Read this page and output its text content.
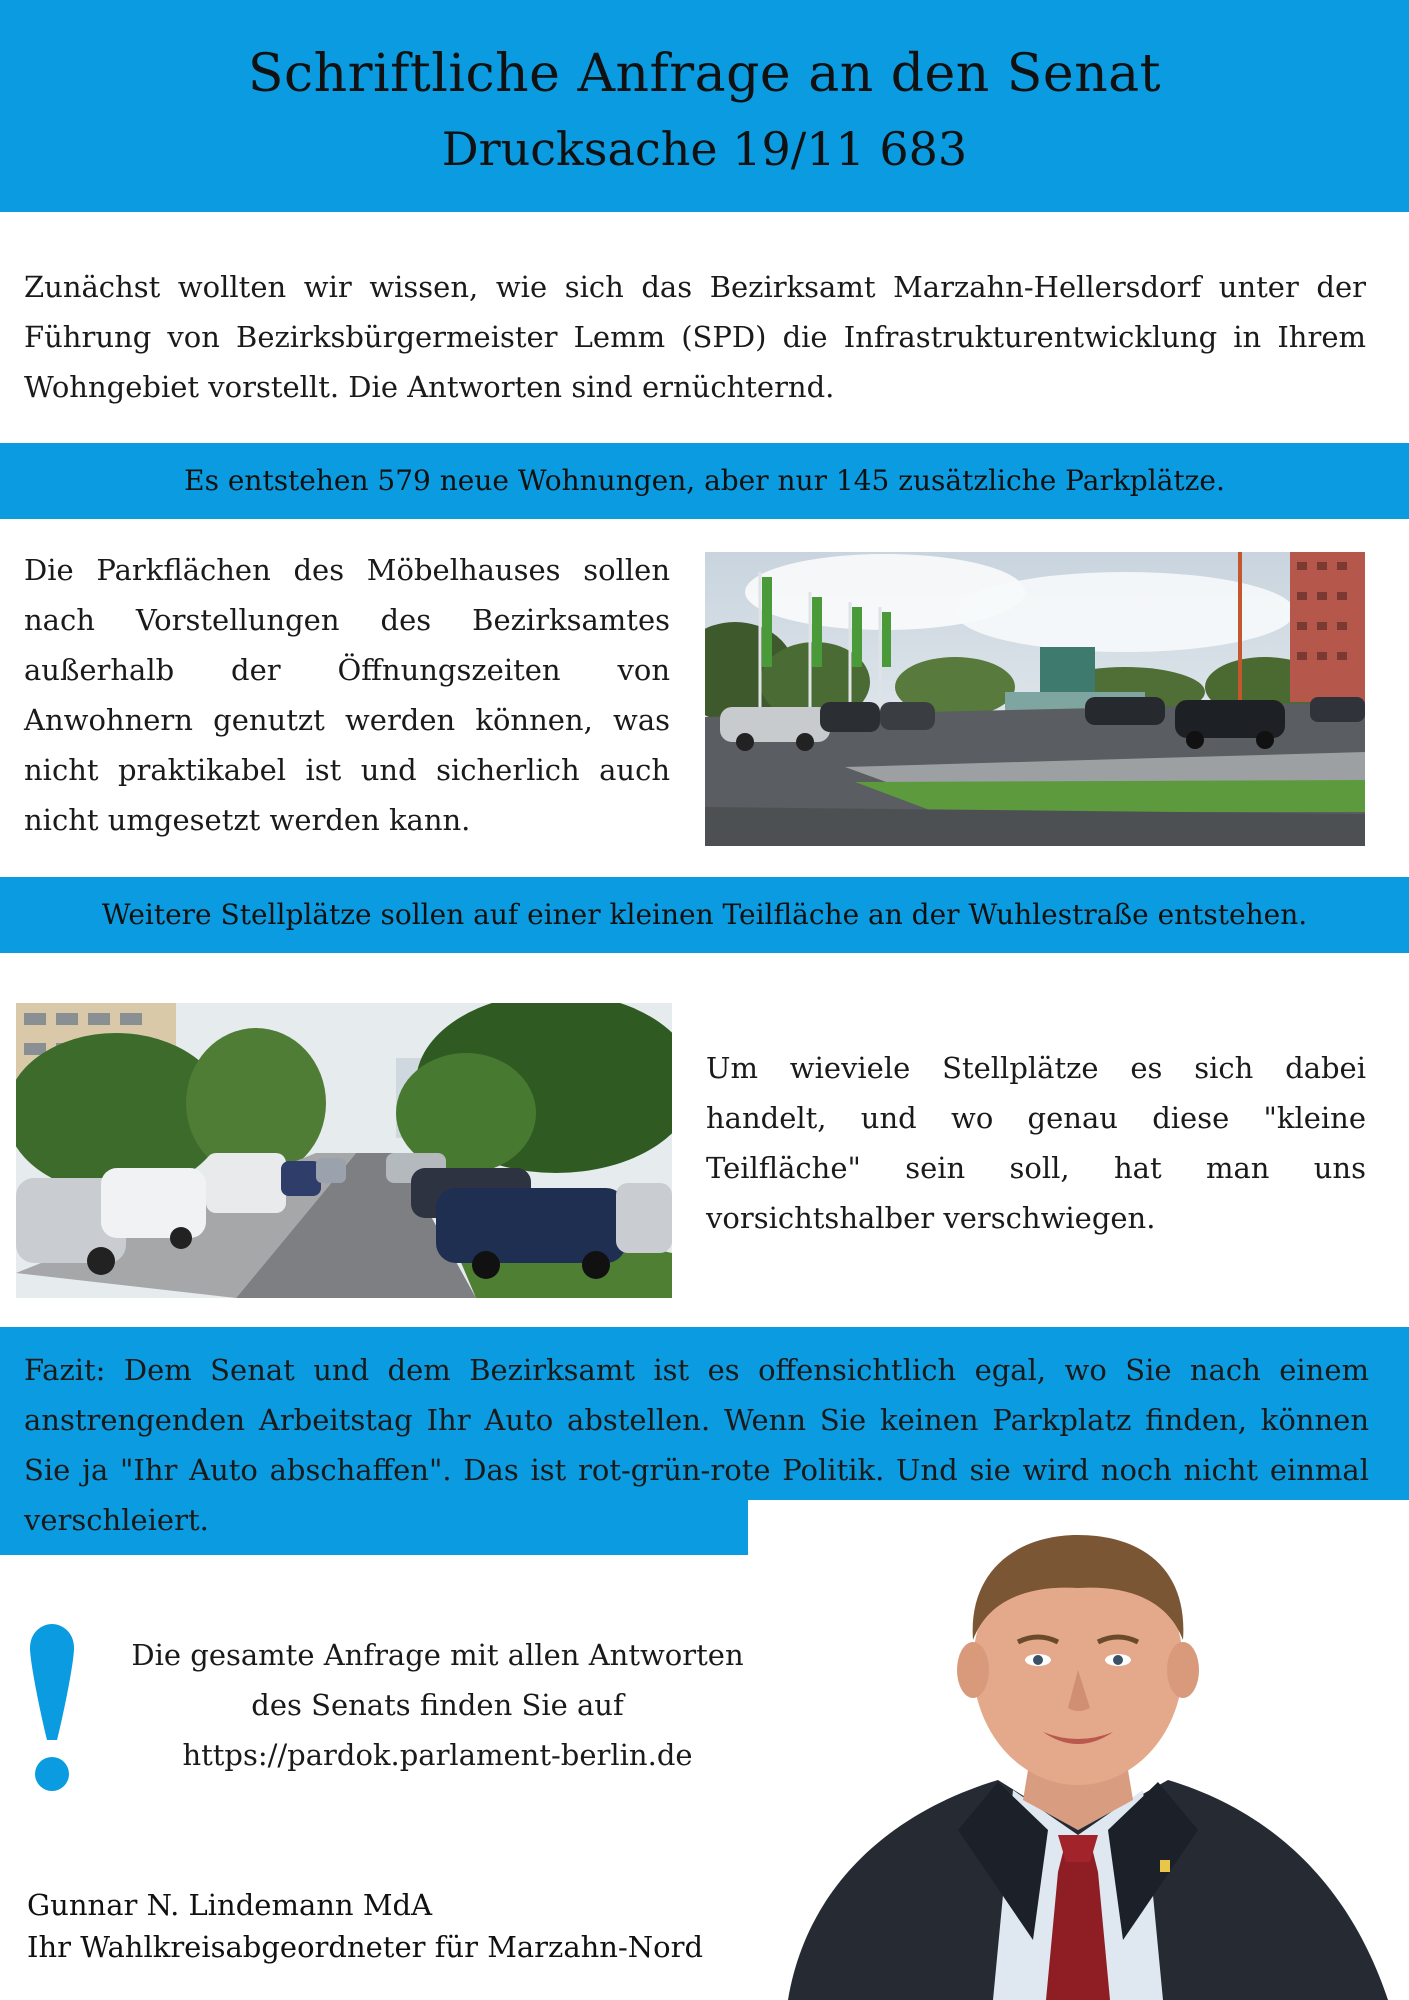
Schriftliche Anfrage an den Senat
Drucksache 19/11 683
Zunächst wollten wir wissen, wie sich das Bezirksamt Marzahn-Hellersdorf unter der Führung von Bezirksbürgermeister Lemm (SPD) die Infrastrukturentwicklung in Ihrem Wohngebiet vorstellt. Die Antworten sind ernüchternd.
Es entstehen 579 neue Wohnungen, aber nur 145 zusätzliche Parkplätze.
Die Parkflächen des Möbelhauses sollen nach Vorstellungen des Bezirksamtes außerhalb der Öffnungszeiten von Anwohnern genutzt werden können, was nicht praktikabel ist und sicherlich auch nicht umgesetzt werden kann.
Weitere Stellplätze sollen auf einer kleinen Teilfläche an der Wuhlestraße entstehen.
Um wieviele Stellplätze es sich dabei handelt, und wo genau diese "kleine Teilfläche" sein soll, hat man uns vorsichtshalber verschwiegen.
Fazit: Dem Senat und dem Bezirksamt ist es offensichtlich egal, wo Sie nach einem anstrengenden Arbeitstag Ihr Auto abstellen. Wenn Sie keinen Parkplatz finden, können Sie ja "Ihr Auto abschaffen". Das ist rot-grün-rote Politik. Und sie wird noch nicht einmal verschleiert.
Die gesamte Anfrage mit allen Antworten
des Senats finden Sie auf
https://pardok.parlament-berlin.de
Gunnar N. Lindemann MdA
Ihr Wahlkreisabgeordneter für Marzahn-Nord
